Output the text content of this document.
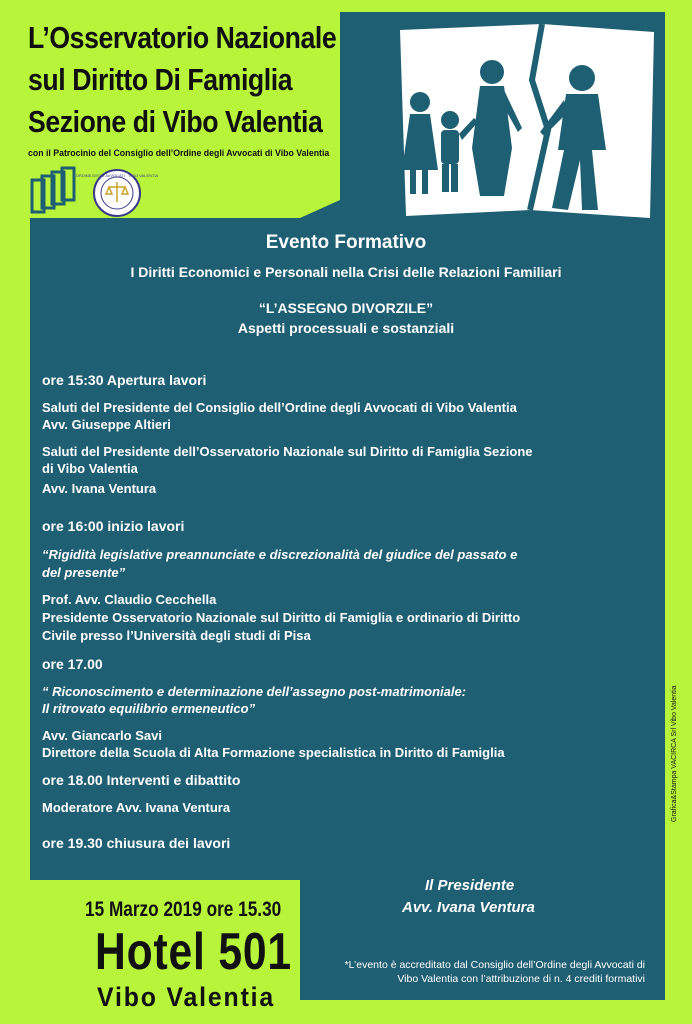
L’Osservatorio Nazionale
sul Diritto Di Famiglia
Sezione di Vibo Valentia
con il Patrocinio del Consiglio dell’Ordine degli Avvocati di Vibo Valentia
ORDINE DEGLI AVVOCATI · VIBO VALENTIA
Evento Formativo
I Diritti Economici e Personali nella Crisi delle Relazioni Familiari
“L’ASSEGNO DIVORZILE”
Aspetti processuali e sostanziali
ore 15:30 Apertura lavori
Saluti del Presidente del Consiglio dell’Ordine degli Avvocati di Vibo Valentia
Avv. Giuseppe Altieri
Saluti del Presidente dell’Osservatorio Nazionale sul Diritto di Famiglia Sezione
di Vibo Valentia
Avv. Ivana Ventura
ore 16:00 inizio lavori
“Rigidità legislative preannunciate e discrezionalità del giudice del passato e
del presente”
Prof. Avv. Claudio Cecchella
Presidente Osservatorio Nazionale sul Diritto di Famiglia e ordinario di Diritto
Civile presso l’Università degli studi di Pisa
ore 17.00
“ Riconoscimento e determinazione dell’assegno post-matrimoniale:
Il ritrovato equilibrio ermeneutico”
Avv. Giancarlo Savi
Direttore della Scuola di Alta Formazione specialistica in Diritto di Famiglia
ore 18.00 Interventi e dibattito
Moderatore Avv. Ivana Ventura
ore 19.30 chiusura dei lavori
Il Presidente
Avv. Ivana Ventura
15 Marzo 2019 ore 15.30
Hotel 501
Vibo Valentia
*L’evento è accreditato dal Consiglio dell’Ordine degli Avvocati di Vibo Valentia con l’attribuzione di n. 4 crediti formativi
Grafica&Stampa VACIRCA Srl Vibo Valentia
